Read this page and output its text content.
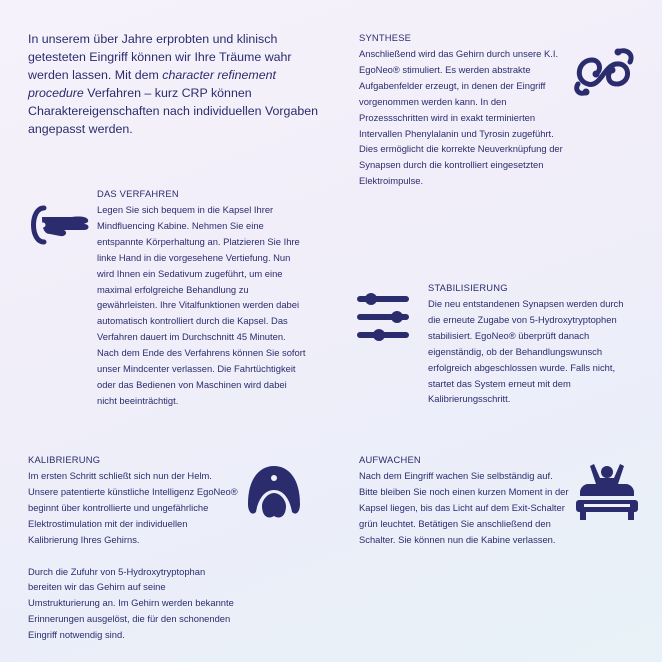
In unserem über Jahre erprobten und klinisch getesteten Eingriff können wir Ihre Träume wahr werden lassen. Mit dem character refinement procedure Verfahren – kurz CRP können Charaktereigenschaften nach individuellen Vorgaben angepasst werden.

SYNTHESE

Anschließend wird das Gehirn durch unsere K.I. EgoNeo® stimuliert. Es werden abstrakte Aufgabenfelder erzeugt, in denen der Eingriff vorgenommen werden kann. In den Prozessschritten wird in exakt terminierten Intervallen Phenylalanin und Tyrosin zugeführt. Dies ermöglicht die korrekte Neuverknüpfung der Synapsen durch die kontrolliert eingesetzten Elektroimpulse.

DAS VERFAHREN

Legen Sie sich bequem in die Kapsel Ihrer Mindfluencing Kabine. Nehmen Sie eine entspannte Körperhaltung an. Platzieren Sie Ihre linke Hand in die vorgesehene Vertiefung. Nun wird Ihnen ein Sedativum zugeführt, um eine maximal erfolgreiche Behandlung zu gewährleisten. Ihre Vitalfunktionen werden dabei automatisch kontrolliert durch die Kapsel. Das Verfahren dauert im Durchschnitt 45 Minuten. Nach dem Ende des Verfahrens können Sie sofort unser Mindcenter verlassen. Die Fahrtüchtigkeit oder das Bedienen von Maschinen wird dabei nicht beeinträchtigt.

STABILISIERUNG

Die neu entstandenen Synapsen werden durch die erneute Zugabe von 5-Hydroxytryptophen stabilisiert. EgoNeo® überprüft danach eigenständig, ob der Behandlungswunsch erfolgreich abgeschlossen wurde. Falls nicht, startet das System erneut mit dem Kalibrierungsschritt.

KALIBRIERUNG

Im ersten Schritt schließt sich nun der Helm. Unsere patentierte künstliche Intelligenz EgoNeo® beginnt über kontrollierte und ungefährliche Elektrostimulation mit der individuellen Kalibrierung Ihres Gehirns.

Durch die Zufuhr von 5-Hydroxytryptophan bereiten wir das Gehirn auf seine Umstrukturierung an. Im Gehirn werden bekannte Erinnerungen ausgelöst, die für den schonenden Eingriff notwendig sind.

AUFWACHEN

Nach dem Eingriff wachen Sie selbständig auf. Bitte bleiben Sie noch einen kurzen Moment in der Kapsel liegen, bis das Licht auf dem Exit-Schalter grün leuchtet. Betätigen Sie anschließend den Schalter. Sie können nun die Kabine verlassen.
